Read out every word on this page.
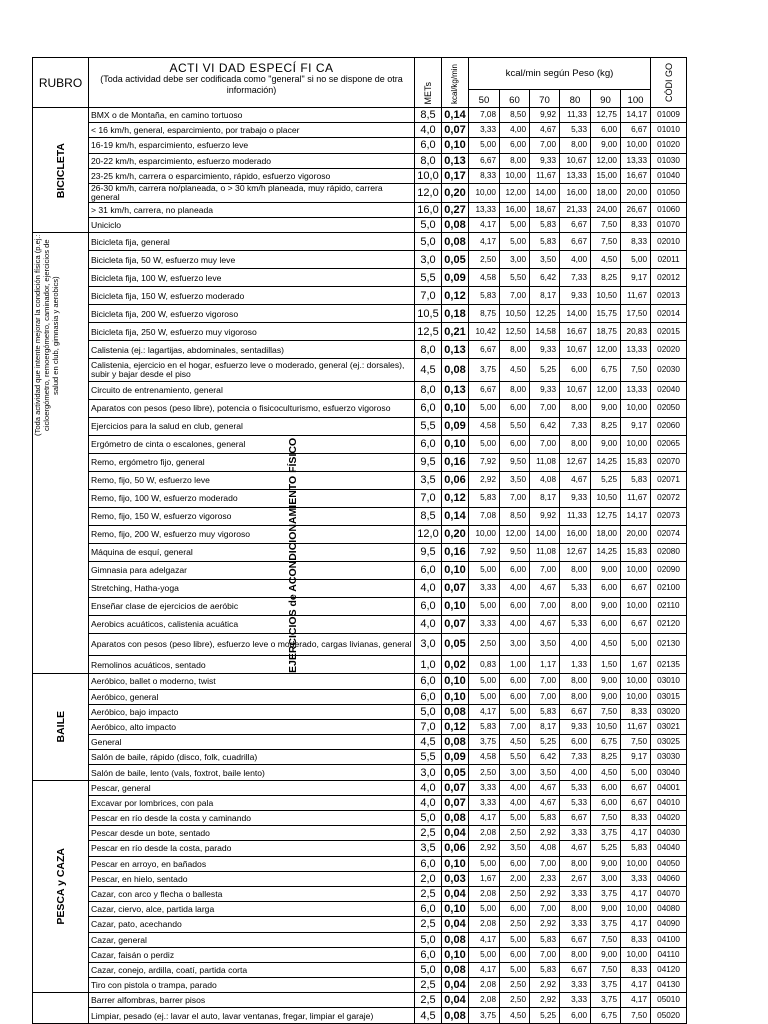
RUBRO	ACTI VI DAD ESPECÍ FI CA
(Toda actividad debe ser codificada como "general" si no se dispone de otra información)	METs	kcal/kg/min	kcal/min según Peso (kg)						CÓDI GO

				50	60	70	80	90	100	

BICICLETA	BMX o de Montaña, en camino tortuoso	8,5	0,14	7,08	8,50	9,92	11,33	12,75	14,17	01009
	< 16 km/h, general, esparcimiento, por trabajo o placer	4,0	0,07	3,33	4,00	4,67	5,33	6,00	6,67	01010
	16-19 km/h, esparcimiento, esfuerzo leve	6,0	0,10	5,00	6,00	7,00	8,00	9,00	10,00	01020
	20-22 km/h, esparcimiento, esfuerzo moderado	8,0	0,13	6,67	8,00	9,33	10,67	12,00	13,33	01030
	23-25 km/h, carrera o esparcimiento, rápido, esfuerzo vigoroso	10,0	0,17	8,33	10,00	11,67	13,33	15,00	16,67	01040
	26-30 km/h, carrera no/planeada, o > 30 km/h planeada, muy rápido, carrera general	12,0	0,20	10,00	12,00	14,00	16,00	18,00	20,00	01050
	> 31 km/h, carrera, no planeada	16,0	0,27	13,33	16,00	18,67	21,33	24,00	26,67	01060
	Uniciclo	5,0	0,08	4,17	5,00	5,83	6,67	7,50	8,33	01070

EJERCICIOS de ACONDICIONAMIENTO FÍSICO
(Toda actividad que intente mejorar la condición física (p.ej.: cicloergómetro, remoergómetro, caminador, ejercicios de salud en club, gimnasia y aerobics)	Bicicleta fija, general	5,0	0,08	4,17	5,00	5,83	6,67	7,50	8,33	02010
	Bicicleta fija, 50 W, esfuerzo muy leve	3,0	0,05	2,50	3,00	3,50	4,00	4,50	5,00	02011
	Bicicleta fija, 100 W, esfuerzo leve	5,5	0,09	4,58	5,50	6,42	7,33	8,25	9,17	02012
	Bicicleta fija, 150 W, esfuerzo moderado	7,0	0,12	5,83	7,00	8,17	9,33	10,50	11,67	02013
	Bicicleta fija, 200 W, esfuerzo vigoroso	10,5	0,18	8,75	10,50	12,25	14,00	15,75	17,50	02014
	Bicicleta fija, 250 W, esfuerzo muy vigoroso	12,5	0,21	10,42	12,50	14,58	16,67	18,75	20,83	02015
	Calistenia (ej.: lagartijas, abdominales, sentadillas)	8,0	0,13	6,67	8,00	9,33	10,67	12,00	13,33	02020
	Calistenia, ejercicio en el hogar, esfuerzo leve o moderado, general (ej.: dorsales), subir y bajar desde el piso	4,5	0,08	3,75	4,50	5,25	6,00	6,75	7,50	02030
	Circuito de entrenamiento, general	8,0	0,13	6,67	8,00	9,33	10,67	12,00	13,33	02040
	Aparatos con pesos (peso libre), potencia o fisicoculturismo, esfuerzo vigoroso	6,0	0,10	5,00	6,00	7,00	8,00	9,00	10,00	02050
	Ejercicios para la salud en club, general	5,5	0,09	4,58	5,50	6,42	7,33	8,25	9,17	02060
	Ergómetro de cinta o escalones, general	6,0	0,10	5,00	6,00	7,00	8,00	9,00	10,00	02065
	Remo, ergómetro fijo, general	9,5	0,16	7,92	9,50	11,08	12,67	14,25	15,83	02070
	Remo, fijo, 50 W, esfuerzo leve	3,5	0,06	2,92	3,50	4,08	4,67	5,25	5,83	02071
	Remo, fijo, 100 W, esfuerzo moderado	7,0	0,12	5,83	7,00	8,17	9,33	10,50	11,67	02072
	Remo, fijo, 150 W, esfuerzo vigoroso	8,5	0,14	7,08	8,50	9,92	11,33	12,75	14,17	02073
	Remo, fijo, 200 W, esfuerzo muy vigoroso	12,0	0,20	10,00	12,00	14,00	16,00	18,00	20,00	02074
	Máquina de esquí, general	9,5	0,16	7,92	9,50	11,08	12,67	14,25	15,83	02080
	Gimnasia para adelgazar	6,0	0,10	5,00	6,00	7,00	8,00	9,00	10,00	02090
	Stretching, Hatha-yoga	4,0	0,07	3,33	4,00	4,67	5,33	6,00	6,67	02100
	Enseñar clase de ejercicios de aeróbic	6,0	0,10	5,00	6,00	7,00	8,00	9,00	10,00	02110
	Aerobics acuáticos, calistenia acuática	4,0	0,07	3,33	4,00	4,67	5,33	6,00	6,67	02120
	Aparatos con pesos (peso libre), esfuerzo leve o moderado, cargas livianas, general	3,0	0,05	2,50	3,00	3,50	4,00	4,50	5,00	02130
	Remolinos acuáticos, sentado	1,0	0,02	0,83	1,00	1,17	1,33	1,50	1,67	02135

BAILE	Aeróbico, ballet o moderno, twist	6,0	0,10	5,00	6,00	7,00	8,00	9,00	10,00	03010
	Aeróbico, general	6,0	0,10	5,00	6,00	7,00	8,00	9,00	10,00	03015
	Aeróbico, bajo impacto	5,0	0,08	4,17	5,00	5,83	6,67	7,50	8,33	03020
	Aeróbico, alto impacto	7,0	0,12	5,83	7,00	8,17	9,33	10,50	11,67	03021
	General	4,5	0,08	3,75	4,50	5,25	6,00	6,75	7,50	03025
	Salón de baile, rápido (disco, folk, cuadrilla)	5,5	0,09	4,58	5,50	6,42	7,33	8,25	9,17	03030
	Salón de baile, lento (vals, foxtrot, baile lento)	3,0	0,05	2,50	3,00	3,50	4,00	4,50	5,00	03040

PESCA y CAZA	Pescar, general	4,0	0,07	3,33	4,00	4,67	5,33	6,00	6,67	04001
	Excavar por lombrices, con pala	4,0	0,07	3,33	4,00	4,67	5,33	6,00	6,67	04010
	Pescar en río desde la costa y caminando	5,0	0,08	4,17	5,00	5,83	6,67	7,50	8,33	04020
	Pescar desde un bote, sentado	2,5	0,04	2,08	2,50	2,92	3,33	3,75	4,17	04030
	Pescar en río desde la costa, parado	3,5	0,06	2,92	3,50	4,08	4,67	5,25	5,83	04040
	Pescar en arroyo, en bañados	6,0	0,10	5,00	6,00	7,00	8,00	9,00	10,00	04050
	Pescar, en hielo, sentado	2,0	0,03	1,67	2,00	2,33	2,67	3,00	3,33	04060
	Cazar, con arco y flecha o ballesta	2,5	0,04	2,08	2,50	2,92	3,33	3,75	4,17	04070
	Cazar, ciervo, alce, partida larga	6,0	0,10	5,00	6,00	7,00	8,00	9,00	10,00	04080
	Cazar, pato, acechando	2,5	0,04	2,08	2,50	2,92	3,33	3,75	4,17	04090
	Cazar, general	5,0	0,08	4,17	5,00	5,83	6,67	7,50	8,33	04100
	Cazar, faisán o perdiz	6,0	0,10	5,00	6,00	7,00	8,00	9,00	10,00	04110
	Cazar, conejo, ardilla, coatí, partida corta	5,0	0,08	4,17	5,00	5,83	6,67	7,50	8,33	04120
	Tiro con pistola o trampa, parado	2,5	0,04	2,08	2,50	2,92	3,33	3,75	4,17	04130
	Barrer alfombras, barrer pisos	2,5	0,04	2,08	2,50	2,92	3,33	3,75	4,17	05010
	Limpiar, pesado (ej.: lavar el auto, lavar ventanas, fregar, limpiar el garaje)	4,5	0,08	3,75	4,50	5,25	6,00	6,75	7,50	05020
